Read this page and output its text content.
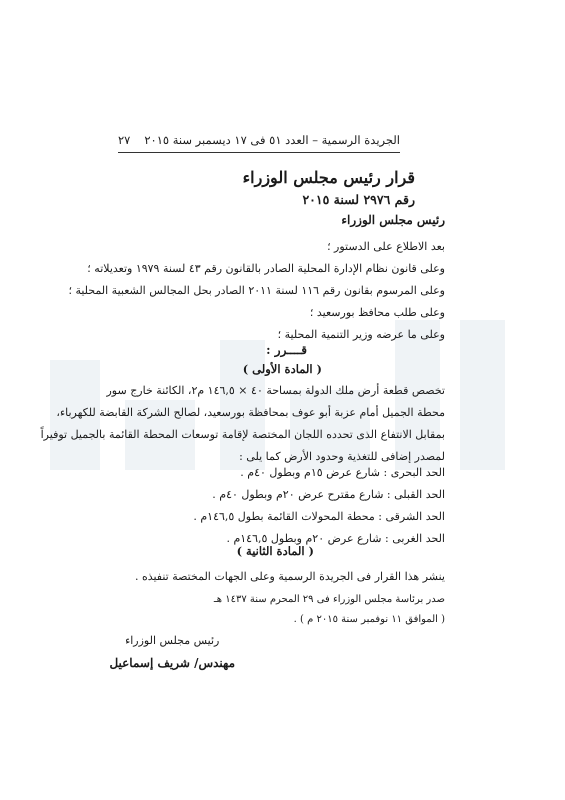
الجريدة الرسمية – العدد ٥١ فى ١٧ ديسمبر سنة ٢٠١٥
٢٧
قرار رئيس مجلس الوزراء
رقم ٢٩٧٦ لسنة ٢٠١٥
رئيس مجلس الوزراء
بعد الاطلاع على الدستور ؛
وعلى قانون نظام الإدارة المحلية الصادر بالقانون رقم ٤٣ لسنة ١٩٧٩ وتعديلاته ؛
وعلى المرسوم بقانون رقم ١١٦ لسنة ٢٠١١ الصادر بحل المجالس الشعبية المحلية ؛
وعلى طلب محافظ بورسعيد ؛
وعلى ما عرضه وزير التنمية المحلية ؛
قــــرر :
( المادة الأولى )
تخصص قطعة أرض ملك الدولة بمساحة ٤٠ × ١٤٦,٥ م٢، الكائنة خارج سور
محطة الجميل أمام عزبة أبو عوف بمحافظة بورسعيد، لصالح الشركة القابضة للكهرباء،
بمقابل الانتفاع الذى تحدده اللجان المختصة لإقامة توسعات المحطة القائمة بالجميل توفيراً
لمصدر إضافى للتغذية وحدود الأرض كما يلى :
الحد البحرى : شارع عرض ١٥م وبطول ٤٠م .
الحد القبلى : شارع مقترح عرض ٢٠م وبطول ٤٠م .
الحد الشرقى : محطة المحولات القائمة بطول ١٤٦,٥م .
الحد الغربى : شارع عرض ٢٠م وبطول ١٤٦,٥م .
( المادة الثانية )
ينشر هذا القرار فى الجريدة الرسمية وعلى الجهات المختصة تنفيذه .
صدر برئاسة مجلس الوزراء فى ٢٩ المحرم سنة ١٤٣٧ هـ
( الموافق ١١ نوفمبر سنة ٢٠١٥ م ) .
رئيس مجلس الوزراء
مهندس/ شريف إسماعيل
